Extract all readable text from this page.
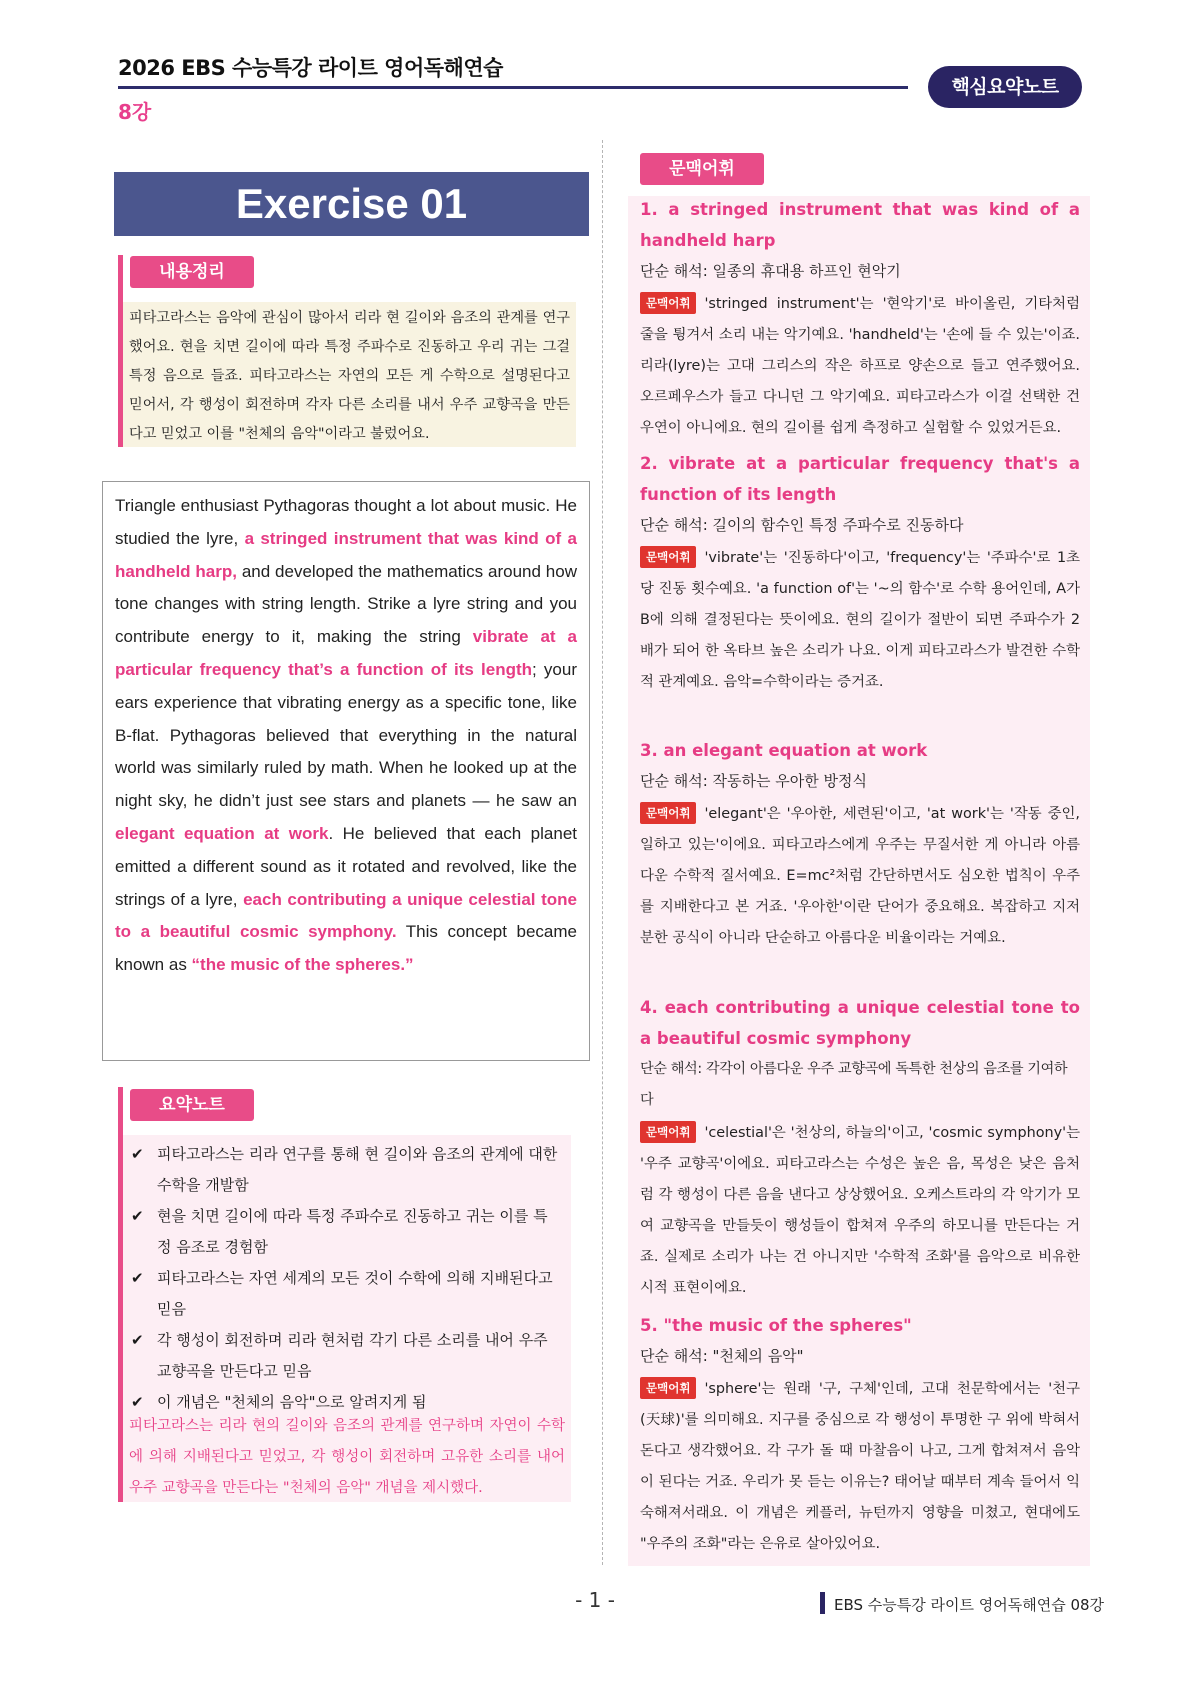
2026 EBS 수능특강 라이트 영어독해연습
8강
핵심요약노트
Exercise 01
내용정리
피타고라스는 음악에 관심이 많아서 리라 현 길이와 음조의 관계를 연구했어요. 현을 치면 길이에 따라 특정 주파수로 진동하고 우리 귀는 그걸 특정 음으로 들죠. 피타고라스는 자연의 모든 게 수학으로 설명된다고 믿어서, 각 행성이 회전하며 각자 다른 소리를 내서 우주 교향곡을 만든다고 믿었고 이를 "천체의 음악"이라고 불렀어요.

Triangle enthusiast Pythagoras thought a lot about music. He studied the lyre, a stringed instrument that was kind of a handheld harp, and developed the mathematics around how tone changes with string length. Strike a lyre string and you contribute energy to it, making the string vibrate at a particular frequency that’s a function of its length; your ears experience that vibrating energy as a specific tone, like B-flat. Pythagoras believed that everything in the natural world was similarly ruled by math. When he looked up at the night sky, he didn’t just see stars and planets — he saw an elegant equation at work. He believed that each planet emitted a different sound as it rotated and revolved, like the strings of a lyre, each contributing a unique celestial tone to a beautiful cosmic symphony. This concept became known as “the music of the spheres.”

요약노트
✔ 피타고라스는 리라 연구를 통해 현 길이와 음조의 관계에 대한 수학을 개발함
✔ 현을 치면 길이에 따라 특정 주파수로 진동하고 귀는 이를 특정 음조로 경험함
✔ 피타고라스는 자연 세계의 모든 것이 수학에 의해 지배된다고 믿음
✔ 각 행성이 회전하며 리라 현처럼 각기 다른 소리를 내어 우주 교향곡을 만든다고 믿음
✔ 이 개념은 "천체의 음악"으로 알려지게 됨
피타고라스는 리라 현의 길이와 음조의 관계를 연구하며 자연이 수학에 의해 지배된다고 믿었고, 각 행성이 회전하며 고유한 소리를 내어 우주 교향곡을 만든다는 "천체의 음악" 개념을 제시했다.
문맥어휘
1. a stringed instrument that was kind of a handheld harp
단순 해석: 일종의 휴대용 하프인 현악기
문맥어휘 'stringed instrument'는 '현악기'로 바이올린, 기타처럼 줄을 튕겨서 소리 내는 악기예요. 'handheld'는 '손에 들 수 있는'이죠. 리라(lyre)는 고대 그리스의 작은 하프로 양손으로 들고 연주했어요. 오르페우스가 들고 다니던 그 악기예요. 피타고라스가 이걸 선택한 건 우연이 아니에요. 현의 길이를 쉽게 측정하고 실험할 수 있었거든요.
2. vibrate at a particular frequency that's a function of its length
단순 해석: 길이의 함수인 특정 주파수로 진동하다
문맥어휘 'vibrate'는 '진동하다'이고, 'frequency'는 '주파수'로 1초당 진동 횟수예요. 'a function of'는 '~의 함수'로 수학 용어인데, A가 B에 의해 결정된다는 뜻이에요. 현의 길이가 절반이 되면 주파수가 2배가 되어 한 옥타브 높은 소리가 나요. 이게 피타고라스가 발견한 수학적 관계예요. 음악=수학이라는 증거죠.
3. an elegant equation at work
단순 해석: 작동하는 우아한 방정식
문맥어휘 'elegant'은 '우아한, 세련된'이고, 'at work'는 '작동 중인, 일하고 있는'이에요. 피타고라스에게 우주는 무질서한 게 아니라 아름다운 수학적 질서예요. E=mc²처럼 간단하면서도 심오한 법칙이 우주를 지배한다고 본 거죠. '우아한'이란 단어가 중요해요. 복잡하고 지저분한 공식이 아니라 단순하고 아름다운 비율이라는 거예요.
4. each contributing a unique celestial tone to a beautiful cosmic symphony
단순 해석: 각각이 아름다운 우주 교향곡에 독특한 천상의 음조를 기여하다
문맥어휘 'celestial'은 '천상의, 하늘의'이고, 'cosmic symphony'는 '우주 교향곡'이에요. 피타고라스는 수성은 높은 음, 목성은 낮은 음처럼 각 행성이 다른 음을 낸다고 상상했어요. 오케스트라의 각 악기가 모여 교향곡을 만들듯이 행성들이 합쳐져 우주의 하모니를 만든다는 거죠. 실제로 소리가 나는 건 아니지만 '수학적 조화'를 음악으로 비유한 시적 표현이에요.
5. "the music of the spheres"
단순 해석: "천체의 음악"
문맥어휘 'sphere'는 원래 '구, 구체'인데, 고대 천문학에서는 '천구(天球)'를 의미해요. 지구를 중심으로 각 행성이 투명한 구 위에 박혀서 돈다고 생각했어요. 각 구가 돌 때 마찰음이 나고, 그게 합쳐져서 음악이 된다는 거죠. 우리가 못 듣는 이유는? 태어날 때부터 계속 들어서 익숙해져서래요. 이 개념은 케플러, 뉴턴까지 영향을 미쳤고, 현대에도 "우주의 조화"라는 은유로 살아있어요.
- 1 -	EBS 수능특강 라이트 영어독해연습 08강
